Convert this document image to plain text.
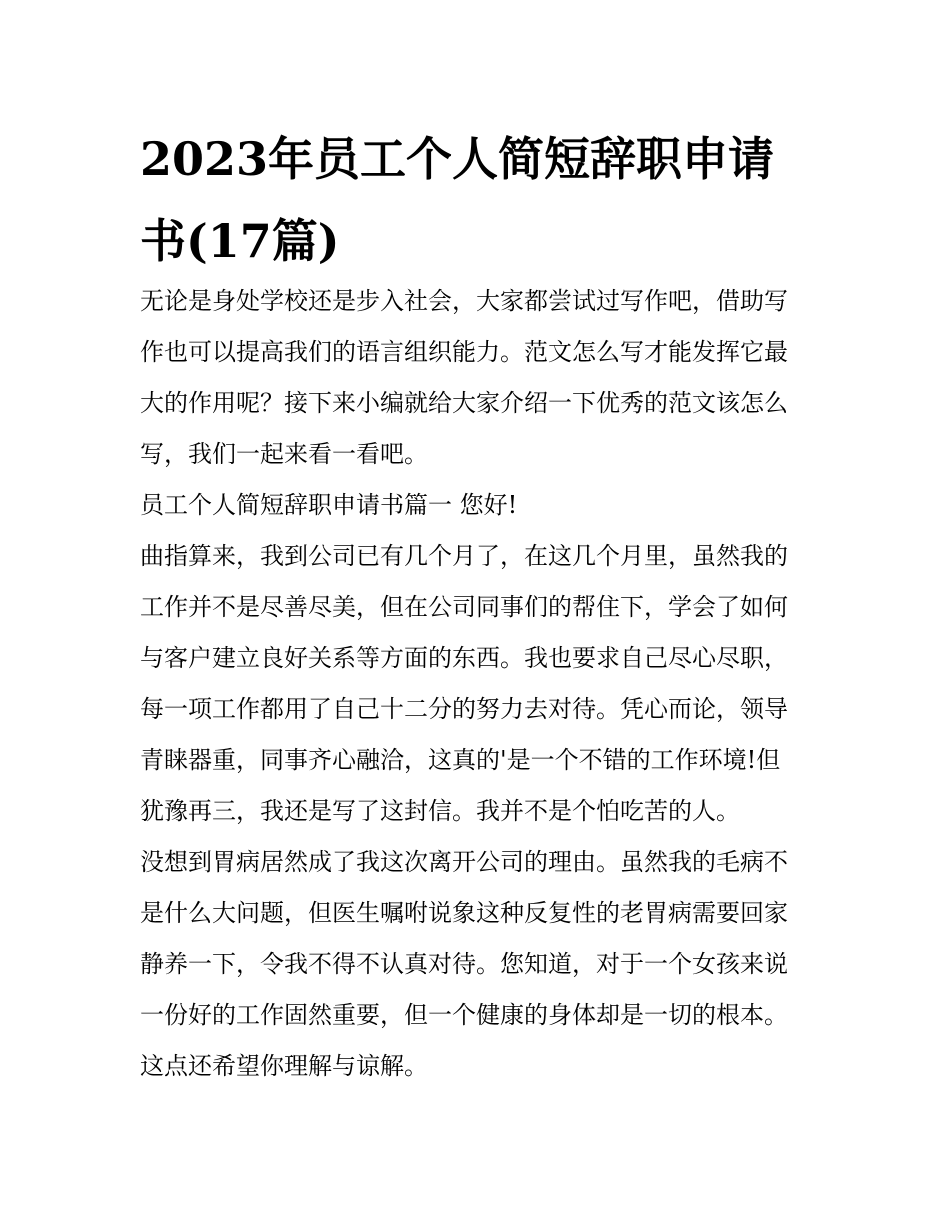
2023年员工个人简短辞职申请
书(17篇)
无论是身处学校还是步入社会，大家都尝试过写作吧，借助写
作也可以提高我们的语言组织能力。范文怎么写才能发挥它最
大的作用呢？接下来小编就给大家介绍一下优秀的范文该怎么
写，我们一起来看一看吧。
员工个人简短辞职申请书篇一 您好!
曲指算来，我到公司已有几个月了，在这几个月里，虽然我的
工作并不是尽善尽美，但在公司同事们的帮住下，学会了如何
与客户建立良好关系等方面的东西。我也要求自己尽心尽职，
每一项工作都用了自己十二分的努力去对待。凭心而论，领导
青睐器重，同事齐心融洽，这真的'是一个不错的工作环境!但
犹豫再三，我还是写了这封信。我并不是个怕吃苦的人。
没想到胃病居然成了我这次离开公司的理由。虽然我的毛病不
是什么大问题，但医生嘱咐说象这种反复性的老胃病需要回家
静养一下，令我不得不认真对待。您知道，对于一个女孩来说
一份好的工作固然重要，但一个健康的身体却是一切的根本。
这点还希望你理解与谅解。
